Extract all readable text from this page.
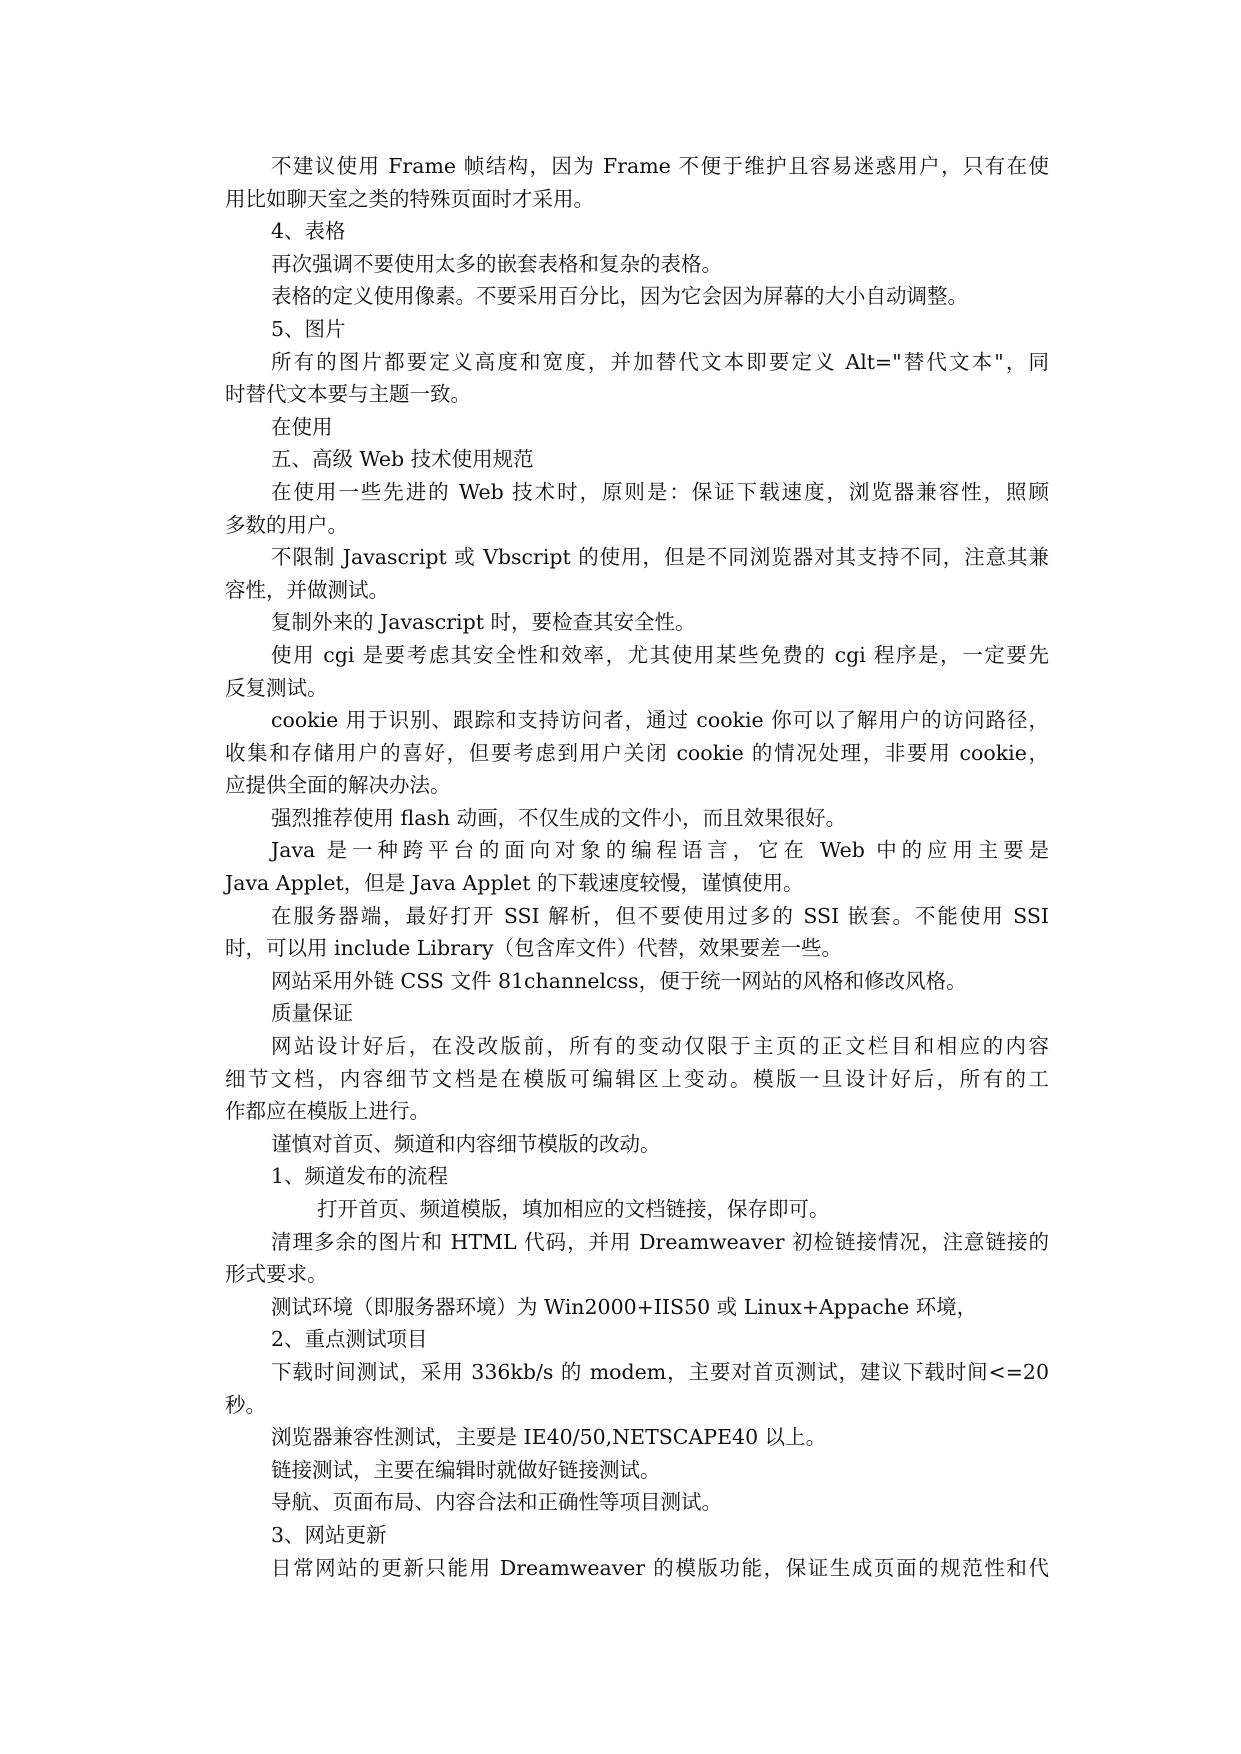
不建议使用 Frame 帧结构，因为 Frame 不便于维护且容易迷惑用户，只有在使

用比如聊天室之类的特殊页面时才采用。

4、表格

再次强调不要使用太多的嵌套表格和复杂的表格。

表格的定义使用像素。不要采用百分比，因为它会因为屏幕的大小自动调整。

5、图片

所有的图片都要定义高度和宽度，并加替代文本即要定义 Alt="替代文本"，同

时替代文本要与主题一致。

在使用

五、高级 Web 技术使用规范

在使用一些先进的 Web 技术时，原则是：保证下载速度，浏览器兼容性，照顾

多数的用户。

不限制 Javascript 或 Vbscript 的使用，但是不同浏览器对其支持不同，注意其兼

容性，并做测试。

复制外来的 Javascript 时，要检查其安全性。

使用 cgi 是要考虑其安全性和效率，尤其使用某些免费的 cgi 程序是，一定要先

反复测试。

cookie 用于识别、跟踪和支持访问者，通过 cookie 你可以了解用户的访问路径，

收集和存储用户的喜好，但要考虑到用户关闭 cookie 的情况处理，非要用 cookie，

应提供全面的解决办法。

强烈推荐使用 flash 动画，不仅生成的文件小，而且效果很好。

Java 是一种跨平台的面向对象的编程语言，它在 Web 中的应用主要是

Java Applet，但是 Java Applet 的下载速度较慢，谨慎使用。

在服务器端，最好打开 SSI 解析，但不要使用过多的 SSI 嵌套。不能使用 SSI

时，可以用 include Library（包含库文件）代替，效果要差一些。

网站采用外链 CSS 文件 81channelcss，便于统一网站的风格和修改风格。

质量保证

网站设计好后，在没改版前，所有的变动仅限于主页的正文栏目和相应的内容

细节文档，内容细节文档是在模版可编辑区上变动。模版一旦设计好后，所有的工

作都应在模版上进行。

谨慎对首页、频道和内容细节模版的改动。

1、频道发布的流程

打开首页、频道模版，填加相应的文档链接，保存即可。

清理多余的图片和 HTML 代码，并用 Dreamweaver 初检链接情况，注意链接的

形式要求。

测试环境（即服务器环境）为 Win2000+IIS50 或 Linux+Appache 环境，

2、重点测试项目

下载时间测试，采用 336kb/s 的 modem，主要对首页测试，建议下载时间<=20

秒。

浏览器兼容性测试，主要是 IE40/50,NETSCAPE40 以上。

链接测试，主要在编辑时就做好链接测试。

导航、页面布局、内容合法和正确性等项目测试。

3、网站更新

日常网站的更新只能用 Dreamweaver 的模版功能，保证生成页面的规范性和代
